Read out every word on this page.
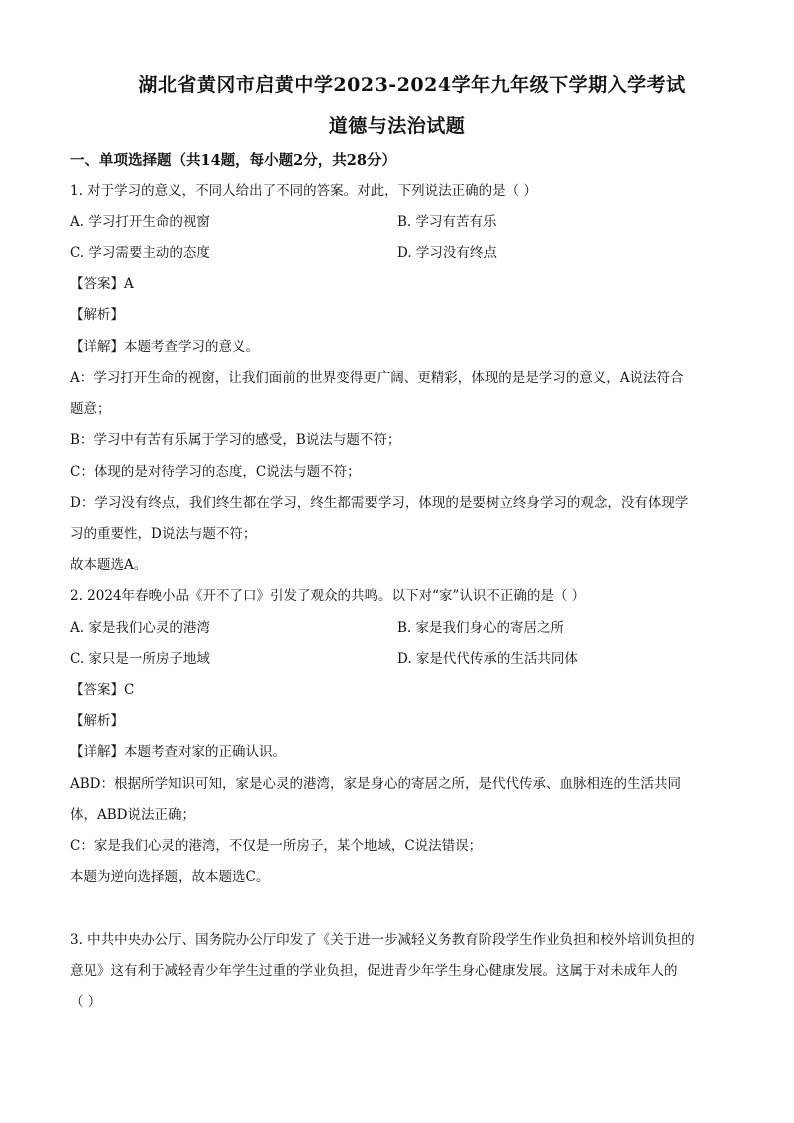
湖北省黄冈市启黄中学2023-2024学年九年级下学期入学考试
道德与法治试题
一、单项选择题（共14题，每小题2分，共28分）
1. 对于学习的意义，不同人给出了不同的答案。对此，下列说法正确的是（ ）
A. 学习打开生命的视窗	B. 学习有苦有乐
C. 学习需要主动的态度	D. 学习没有终点
【答案】A
【解析】
【详解】本题考查学习的意义。
A：学习打开生命的视窗，让我们面前的世界变得更广阔、更精彩，体现的是是学习的意义，A说法符合
题意；
B：学习中有苦有乐属于学习的感受，B说法与题不符；
C：体现的是对待学习的态度，C说法与题不符；
D：学习没有终点，我们终生都在学习，终生都需要学习，体现的是要树立终身学习的观念，没有体现学
习的重要性，D说法与题不符；
故本题选A。
2. 2024年春晚小品《开不了口》引发了观众的共鸣。以下对“家”认识不正确的是（ ）
A. 家是我们心灵的港湾	B. 家是我们身心的寄居之所
C. 家只是一所房子地域	D. 家是代代传承的生活共同体
【答案】C
【解析】
【详解】本题考查对家的正确认识。
ABD：根据所学知识可知，家是心灵的港湾，家是身心的寄居之所，是代代传承、血脉相连的生活共同
体，ABD说法正确；
C：家是我们心灵的港湾，不仅是一所房子，某个地域，C说法错误；
本题为逆向选择题，故本题选C。
3. 中共中央办公厅、国务院办公厅印发了《关于进一步减轻义务教育阶段学生作业负担和校外培训负担的
意见》这有利于减轻青少年学生过重的学业负担，促进青少年学生身心健康发展。这属于对未成年人的
（ ）
